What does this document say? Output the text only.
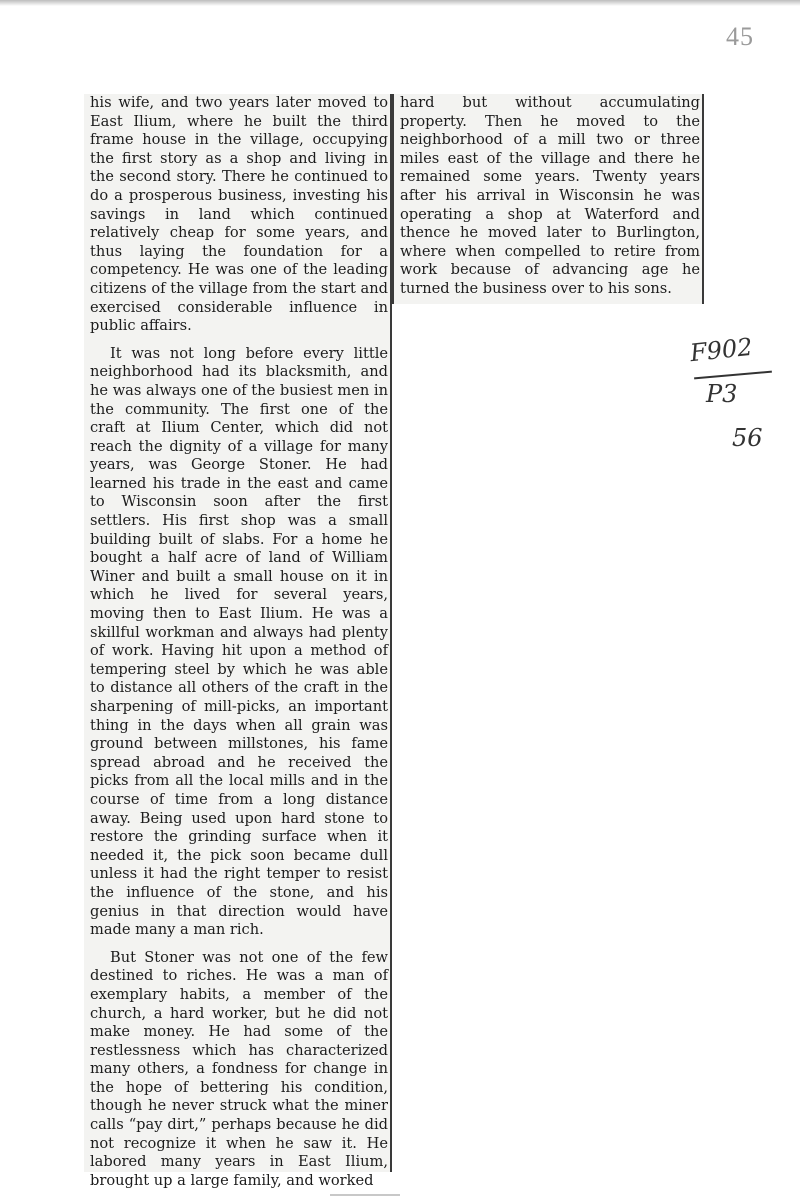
45

his wife, and two years later moved to East Ilium, where he built the third frame house in the village, occupying the first story as a shop and living in the second story. There he continued to do a prosperous business, investing his savings in land which continued relatively cheap for some years, and thus laying the foundation for a competency. He was one of the leading citizens of the village from the start and exercised considerable influence in public affairs.

It was not long before every little neighborhood had its blacksmith, and he was always one of the busiest men in the community. The first one of the craft at Ilium Center, which did not reach the dignity of a village for many years, was George Stoner. He had learned his trade in the east and came to Wisconsin soon after the first settlers. His first shop was a small building built of slabs. For a home he bought a half acre of land of William Winer and built a small house on it in which he lived for several years, moving then to East Ilium. He was a skillful workman and always had plenty of work. Having hit upon a method of tempering steel by which he was able to distance all others of the craft in the sharpening of mill-picks, an important thing in the days when all grain was ground between millstones, his fame spread abroad and he received the picks from all the local mills and in the course of time from a long distance away. Being used upon hard stone to restore the grinding surface when it needed it, the pick soon became dull unless it had the right temper to resist the influence of the stone, and his genius in that direction would have made many a man rich.

But Stoner was not one of the few destined to riches. He was a man of exemplary habits, a member of the church, a hard worker, but he did not make money. He had some of the restlessness which has characterized many others, a fondness for change in the hope of bettering his condition, though he never struck what the miner calls “pay dirt,” perhaps because he did not recognize it when he saw it. He labored many years in East Ilium, brought up a large family, and worked

hard but without accumulating property. Then he moved to the neighborhood of a mill two or three miles east of the village and there he remained some years. Twenty years after his arrival in Wisconsin he was operating a shop at Waterford and thence he moved later to Burlington, where when compelled to retire from work because of advancing age he turned the business over to his sons.

F902
P3
56
